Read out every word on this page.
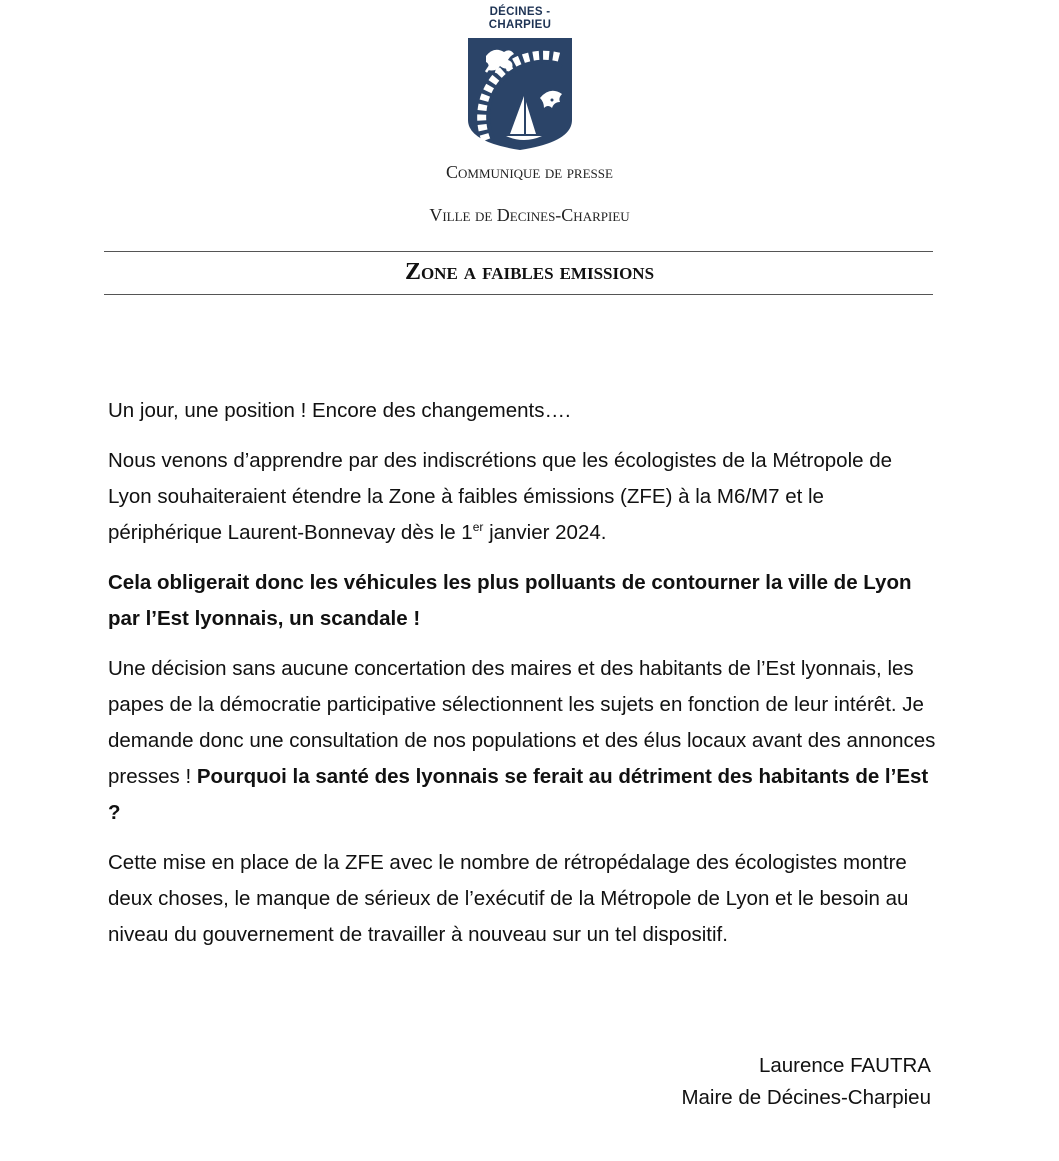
DÉCINES - CHARPIEU
Communique de presse
Ville de Decines-Charpieu
Zone a faibles emissions

Un jour, une position ! Encore des changements….

Nous venons d’apprendre par des indiscrétions que les écologistes de la Métropole de Lyon souhaiteraient étendre la Zone à faibles émissions (ZFE) à la M6/M7 et le périphérique Laurent-Bonnevay dès le 1er janvier 2024.

Cela obligerait donc les véhicules les plus polluants de contourner la ville de Lyon par l’Est lyonnais, un scandale !

Une décision sans aucune concertation des maires et des habitants de l’Est lyonnais, les papes de la démocratie participative sélectionnent les sujets en fonction de leur intérêt. Je demande donc une consultation de nos populations et des élus locaux avant des annonces presses ! Pourquoi la santé des lyonnais se ferait au détriment des habitants de l’Est ?

Cette mise en place de la ZFE avec le nombre de rétropédalage des écologistes montre deux choses, le manque de sérieux de l’exécutif de la Métropole de Lyon et le besoin au niveau du gouvernement de travailler à nouveau sur un tel dispositif.

Laurence FAUTRA
Maire de Décines-Charpieu
